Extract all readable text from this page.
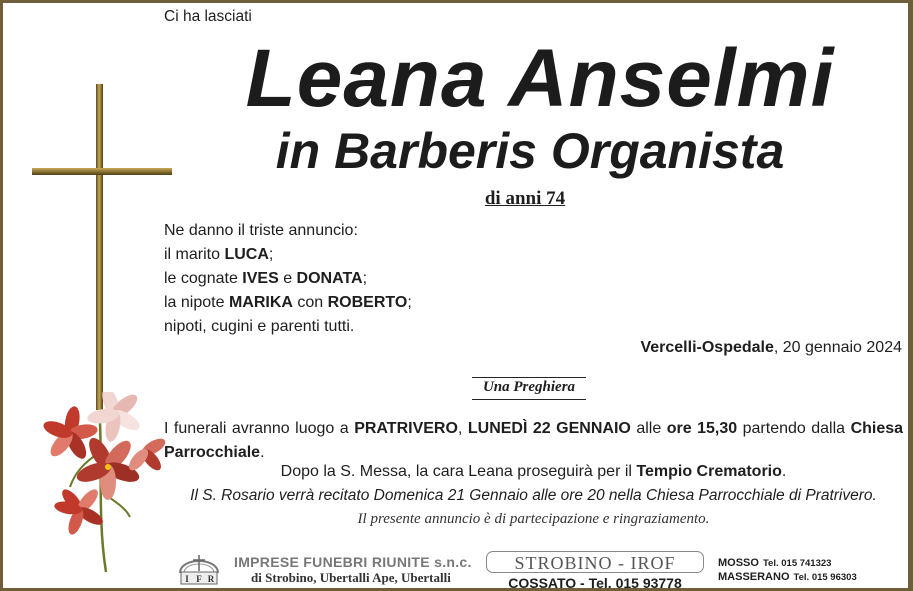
Ci ha lasciati
Leana Anselmi
in Barberis Organista
di anni 74
Ne danno il triste annuncio:
il marito LUCA;
le cognate IVES e DONATA;
la nipote MARIKA con ROBERTO;
nipoti, cugini e parenti tutti.
Vercelli-Ospedale, 20 gennaio 2024
Una Preghiera
I funerali avranno luogo a PRATRIVERO, LUNEDÌ 22 GENNAIO alle ore 15,30 partendo dalla Chiesa Parrocchiale.
Dopo la S. Messa, la cara Leana proseguirà per il Tempio Crematorio.
Il S. Rosario verrà recitato Domenica 21 Gennaio alle ore 20 nella Chiesa Parrocchiale di Pratrivero.
Il presente annuncio è di partecipazione e ringraziamento.
I F R
IMPRESE FUNEBRI RIUNITE s.n.c.
di Strobino, Ubertalli Ape, Ubertalli
STROBINO - IROF
COSSATO - Tel. 015 93778
MOSSO Tel. 015 741323
MASSERANO Tel. 015 96303
